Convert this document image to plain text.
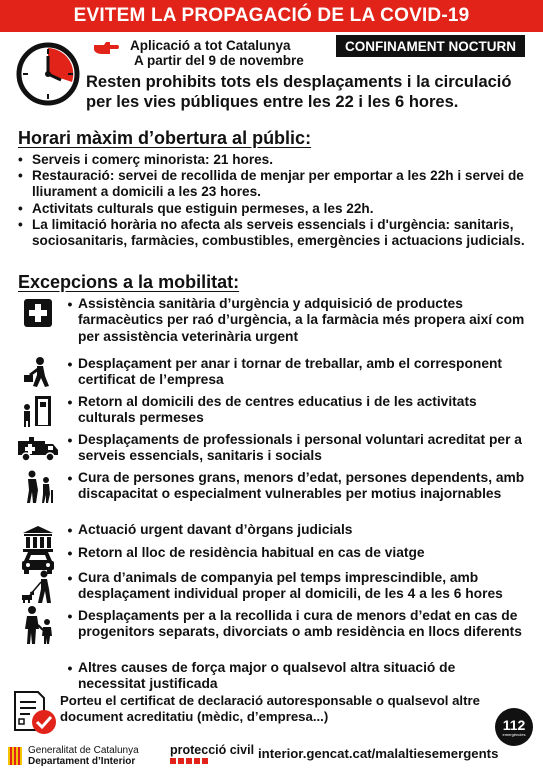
EVITEM LA PROPAGACIÓ DE LA COVID-19
Aplicació a tot Catalunya
A partir del 9 de novembre
CONFINAMENT NOCTURN
Resten prohibits tots els desplaçaments i la circulació per les vies públiques entre les 22 i les 6 hores.
Horari màxim d’obertura al públic:
• Serveis i comerç minorista: 21 hores.
• Restauració: servei de recollida de menjar per emportar a les 22h i servei de lliurament a domicili a les 23 hores.
• Activitats culturals que estiguin permeses, a les 22h.
• La limitació horària no afecta als serveis essencials i d'urgència: sanitaris, sociosanitaris, farmàcies, combustibles, emergències i actuacions judicials.
Excepcions a la mobilitat:
• Assistència sanitària d’urgència y adquisició de productes farmacèutics per raó d’urgència, a la farmàcia més propera així com per assistència veterinària urgent
• Desplaçament per anar i tornar de treballar, amb el corresponent certificat de l’empresa
• Retorn al domicili des de centres educatius i de les activitats culturals permeses
• Desplaçaments de professionals i personal voluntari acreditat per a serveis essencials, sanitaris i socials
• Cura de persones grans, menors d’edat, persones dependents, amb discapacitat o especialment vulnerables per motius inajornables
• Actuació urgent davant d’òrgans judicials
• Retorn al lloc de residència habitual en cas de viatge
• Cura d’animals de companyia pel temps imprescindible, amb desplaçament individual proper al domicili, de les 4 a les 6 hores
• Desplaçaments per a la recollida i cura de menors d’edat en cas de progenitors separats, divorciats o amb residència en llocs diferents
• Altres causes de força major o qualsevol altra situació de necessitat justificada
Porteu el certificat de declaració autoresponsable o qualsevol altre document acreditatiu (mèdic, d’empresa...)	112
emergències
Generalitat de Catalunya
Departament d’Interior
protecció civil interior.gencat.cat/malaltiesemergents
